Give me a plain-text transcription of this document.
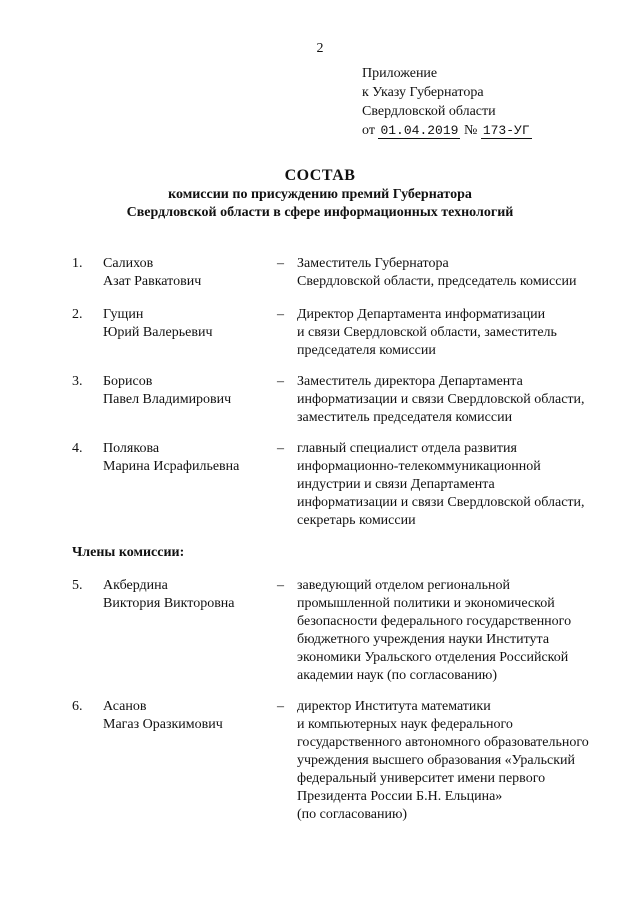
2
Приложение
к Указу Губернатора
Свердловской области
от 01.04.2019 № 173-УГ
СОСТАВ
комиссии по присуждению премий Губернатора
Свердловской области в сфере информационных технологий
1. Салихов
Азат Равкатович
– Заместитель Губернатора
Свердловской области, председатель комиссии
2. Гущин
Юрий Валерьевич
– Директор Департамента информатизации
и связи Свердловской области, заместитель
председателя комиссии
3. Борисов
Павел Владимирович
– Заместитель директора Департамента
информатизации и связи Свердловской области,
заместитель председателя комиссии
4. Полякова
Марина Исрафильевна
– главный специалист отдела развития
информационно-телекоммуникационной
индустрии и связи Департамента
информатизации и связи Свердловской области,
секретарь комиссии
Члены комиссии:
5. Акбердина
Виктория Викторовна
– заведующий отделом региональной
промышленной политики и экономической
безопасности федерального государственного
бюджетного учреждения науки Института
экономики Уральского отделения Российской
академии наук (по согласованию)
6. Асанов
Магаз Оразкимович
– директор Института математики
и компьютерных наук федерального
государственного автономного образовательного
учреждения высшего образования «Уральский
федеральный университет имени первого
Президента России Б.Н. Ельцина»
(по согласованию)
